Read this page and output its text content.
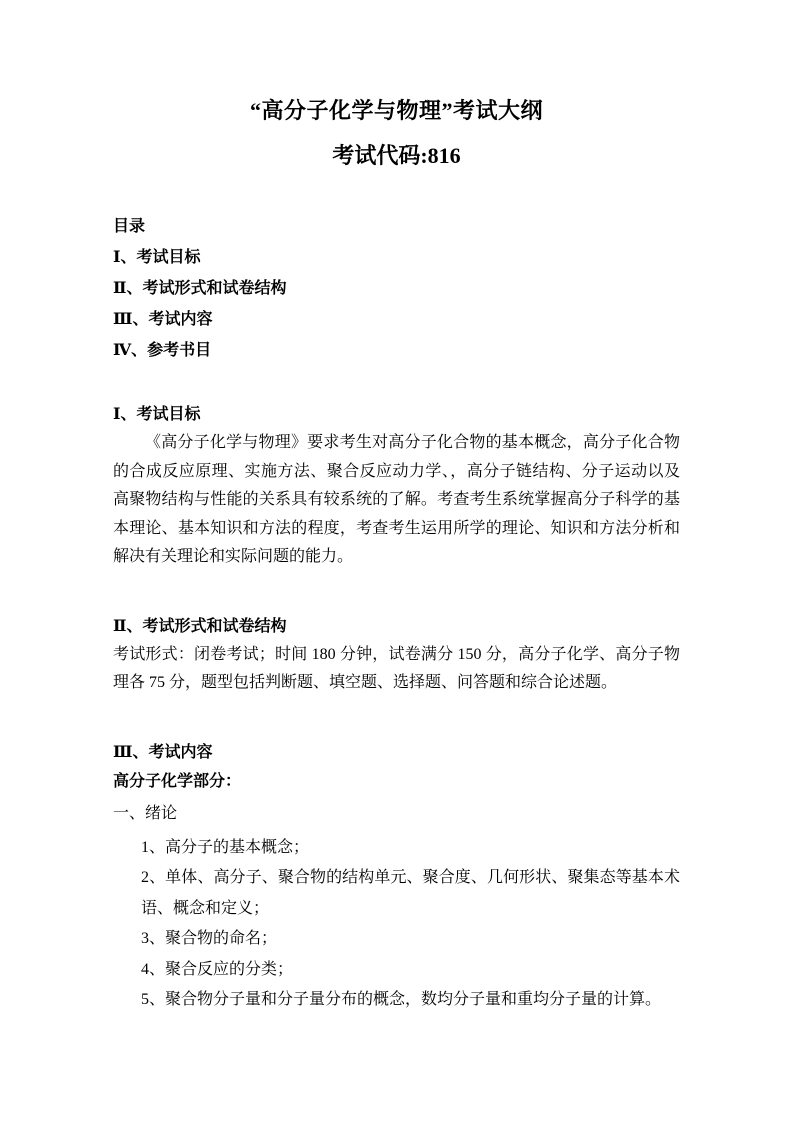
“高分子化学与物理”考试大纲
考试代码:816
目录
Ⅰ、考试目标
Ⅱ、考试形式和试卷结构
Ⅲ、考试内容
Ⅳ、参考书目
Ⅰ、考试目标

《高分子化学与物理》要求考生对高分子化合物的基本概念，高分子化合物的合成反应原理、实施方法、聚合反应动力学、，高分子链结构、分子运动以及高聚物结构与性能的关系具有较系统的了解。考查考生系统掌握高分子科学的基本理论、基本知识和方法的程度，考查考生运用所学的理论、知识和方法分析和解决有关理论和实际问题的能力。

Ⅱ、考试形式和试卷结构

考试形式：闭卷考试；时间 180 分钟，试卷满分 150 分，高分子化学、高分子物理各 75 分，题型包括判断题、填空题、选择题、问答题和综合论述题。

Ⅲ、考试内容
高分子化学部分：
一、绪论

1、高分子的基本概念；

2、单体、高分子、聚合物的结构单元、聚合度、几何形状、聚集态等基本术语、概念和定义；

3、聚合物的命名；

4、聚合反应的分类；

5、聚合物分子量和分子量分布的概念，数均分子量和重均分子量的计算。
